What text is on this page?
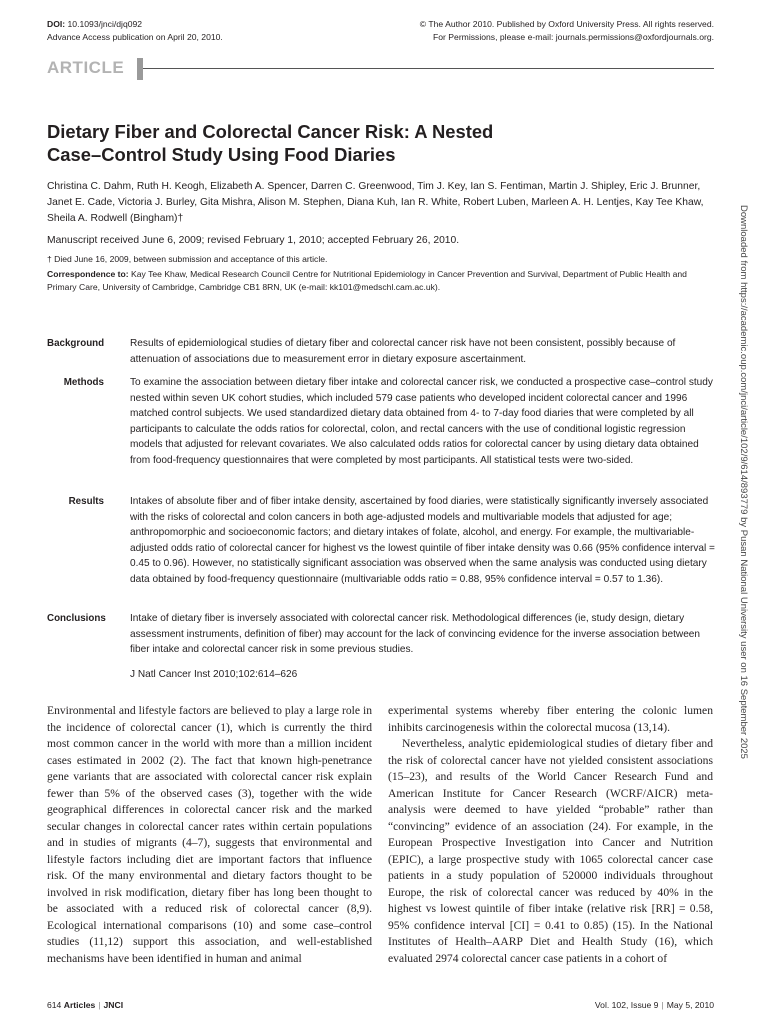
DOI: 10.1093/jnci/djq092
Advance Access publication on April 20, 2010.
© The Author 2010. Published by Oxford University Press. All rights reserved.
For Permissions, please e-mail: journals.permissions@oxfordjournals.org.
ARTICLE
Dietary Fiber and Colorectal Cancer Risk: A Nested
Case–Control Study Using Food Diaries
Christina C. Dahm, Ruth H. Keogh, Elizabeth A. Spencer, Darren C. Greenwood, Tim J. Key, Ian S. Fentiman, Martin J. Shipley, Eric J. Brunner, Janet E. Cade, Victoria J. Burley, Gita Mishra, Alison M. Stephen, Diana Kuh, Ian R. White, Robert Luben, Marleen A. H. Lentjes, Kay Tee Khaw, Sheila A. Rodwell (Bingham)†
Manuscript received June 6, 2009; revised February 1, 2010; accepted February 26, 2010.
† Died June 16, 2009, between submission and acceptance of this article.
Correspondence to: Kay Tee Khaw, Medical Research Council Centre for Nutritional Epidemiology in Cancer Prevention and Survival, Department of Public Health and Primary Care, University of Cambridge, Cambridge CB1 8RN, UK (e-mail: kk101@medschl.cam.ac.uk).
Background	Results of epidemiological studies of dietary fiber and colorectal cancer risk have not been consistent, possibly because of attenuation of associations due to measurement error in dietary exposure ascertainment.
Methods	To examine the association between dietary fiber intake and colorectal cancer risk, we conducted a prospective case–control study nested within seven UK cohort studies, which included 579 case patients who developed incident colorectal cancer and 1996 matched control subjects. We used standardized dietary data obtained from 4- to 7-day food diaries that were completed by all participants to calculate the odds ratios for colorectal, colon, and rectal cancers with the use of conditional logistic regression models that adjusted for relevant covariates. We also calculated odds ratios for colorectal cancer by using dietary data obtained from food-frequency questionnaires that were completed by most participants. All statistical tests were two-sided.
Results	Intakes of absolute fiber and of fiber intake density, ascertained by food diaries, were statistically significantly inversely associated with the risks of colorectal and colon cancers in both age-adjusted models and multivariable models that adjusted for age; anthropomorphic and socioeconomic factors; and dietary intakes of folate, alcohol, and energy. For example, the multivariable-adjusted odds ratio of colorectal cancer for highest vs the lowest quintile of fiber intake density was 0.66 (95% confidence interval = 0.45 to 0.96). However, no statistically significant association was observed when the same analysis was conducted using dietary data obtained by food-frequency questionnaire (multivariable odds ratio = 0.88, 95% confidence interval = 0.57 to 1.36).
Conclusions Intake of dietary fiber is inversely associated with colorectal cancer risk. Methodological differences (ie, study design, dietary assessment instruments, definition of fiber) may account for the lack of convincing evidence for the inverse association between fiber intake and colorectal cancer risk in some previous studies.
J Natl Cancer Inst 2010;102:614–626

Environmental and lifestyle factors are believed to play a large role in the incidence of colorectal cancer (1), which is currently the third most common cancer in the world with more than a million incident cases estimated in 2002 (2). The fact that known high-penetrance gene variants that are associated with colorectal cancer risk explain fewer than 5% of the observed cases (3), together with the wide geographical differences in colorectal cancer risk and the marked secular changes in colorectal cancer rates within certain populations and in studies of migrants (4–7), suggests that environmental and lifestyle factors including diet are important factors that influence risk. Of the many environmental and dietary factors thought to be involved in risk modification, dietary fiber has long been thought to be associated with a reduced risk of colorectal cancer (8,9). Ecological international comparisons (10) and some case–control studies (11,12) support this association, and well-established mechanisms have been identified in human and animal

experimental systems whereby fiber entering the colonic lumen inhibits carcinogenesis within the colorectal mucosa (13,14).

Nevertheless, analytic epidemiological studies of dietary fiber and the risk of colorectal cancer have not yielded consistent associations (15–23), and results of the World Cancer Research Fund and American Institute for Cancer Research (WCRF/AICR) meta-analysis were deemed to have yielded “probable” rather than “convincing” evidence of an association (24). For example, in the European Prospective Investigation into Cancer and Nutrition (EPIC), a large prospective study with 1065 colorectal cancer case patients in a study population of 520000 individuals throughout Europe, the risk of colorectal cancer was reduced by 40% in the highest vs lowest quintile of fiber intake (relative risk [RR] = 0.58, 95% confidence interval [CI] = 0.41 to 0.85) (15). In the National Institutes of Health–AARP Diet and Health Study (16), which evaluated 2974 colorectal cancer case patients in a cohort of

Downloaded from https://academic.oup.com/jnci/article/102/9/614/893779 by Pusan National University user on 16 September 2025
614 Articles | JNCI	Vol. 102, Issue 9 | May 5, 2010
